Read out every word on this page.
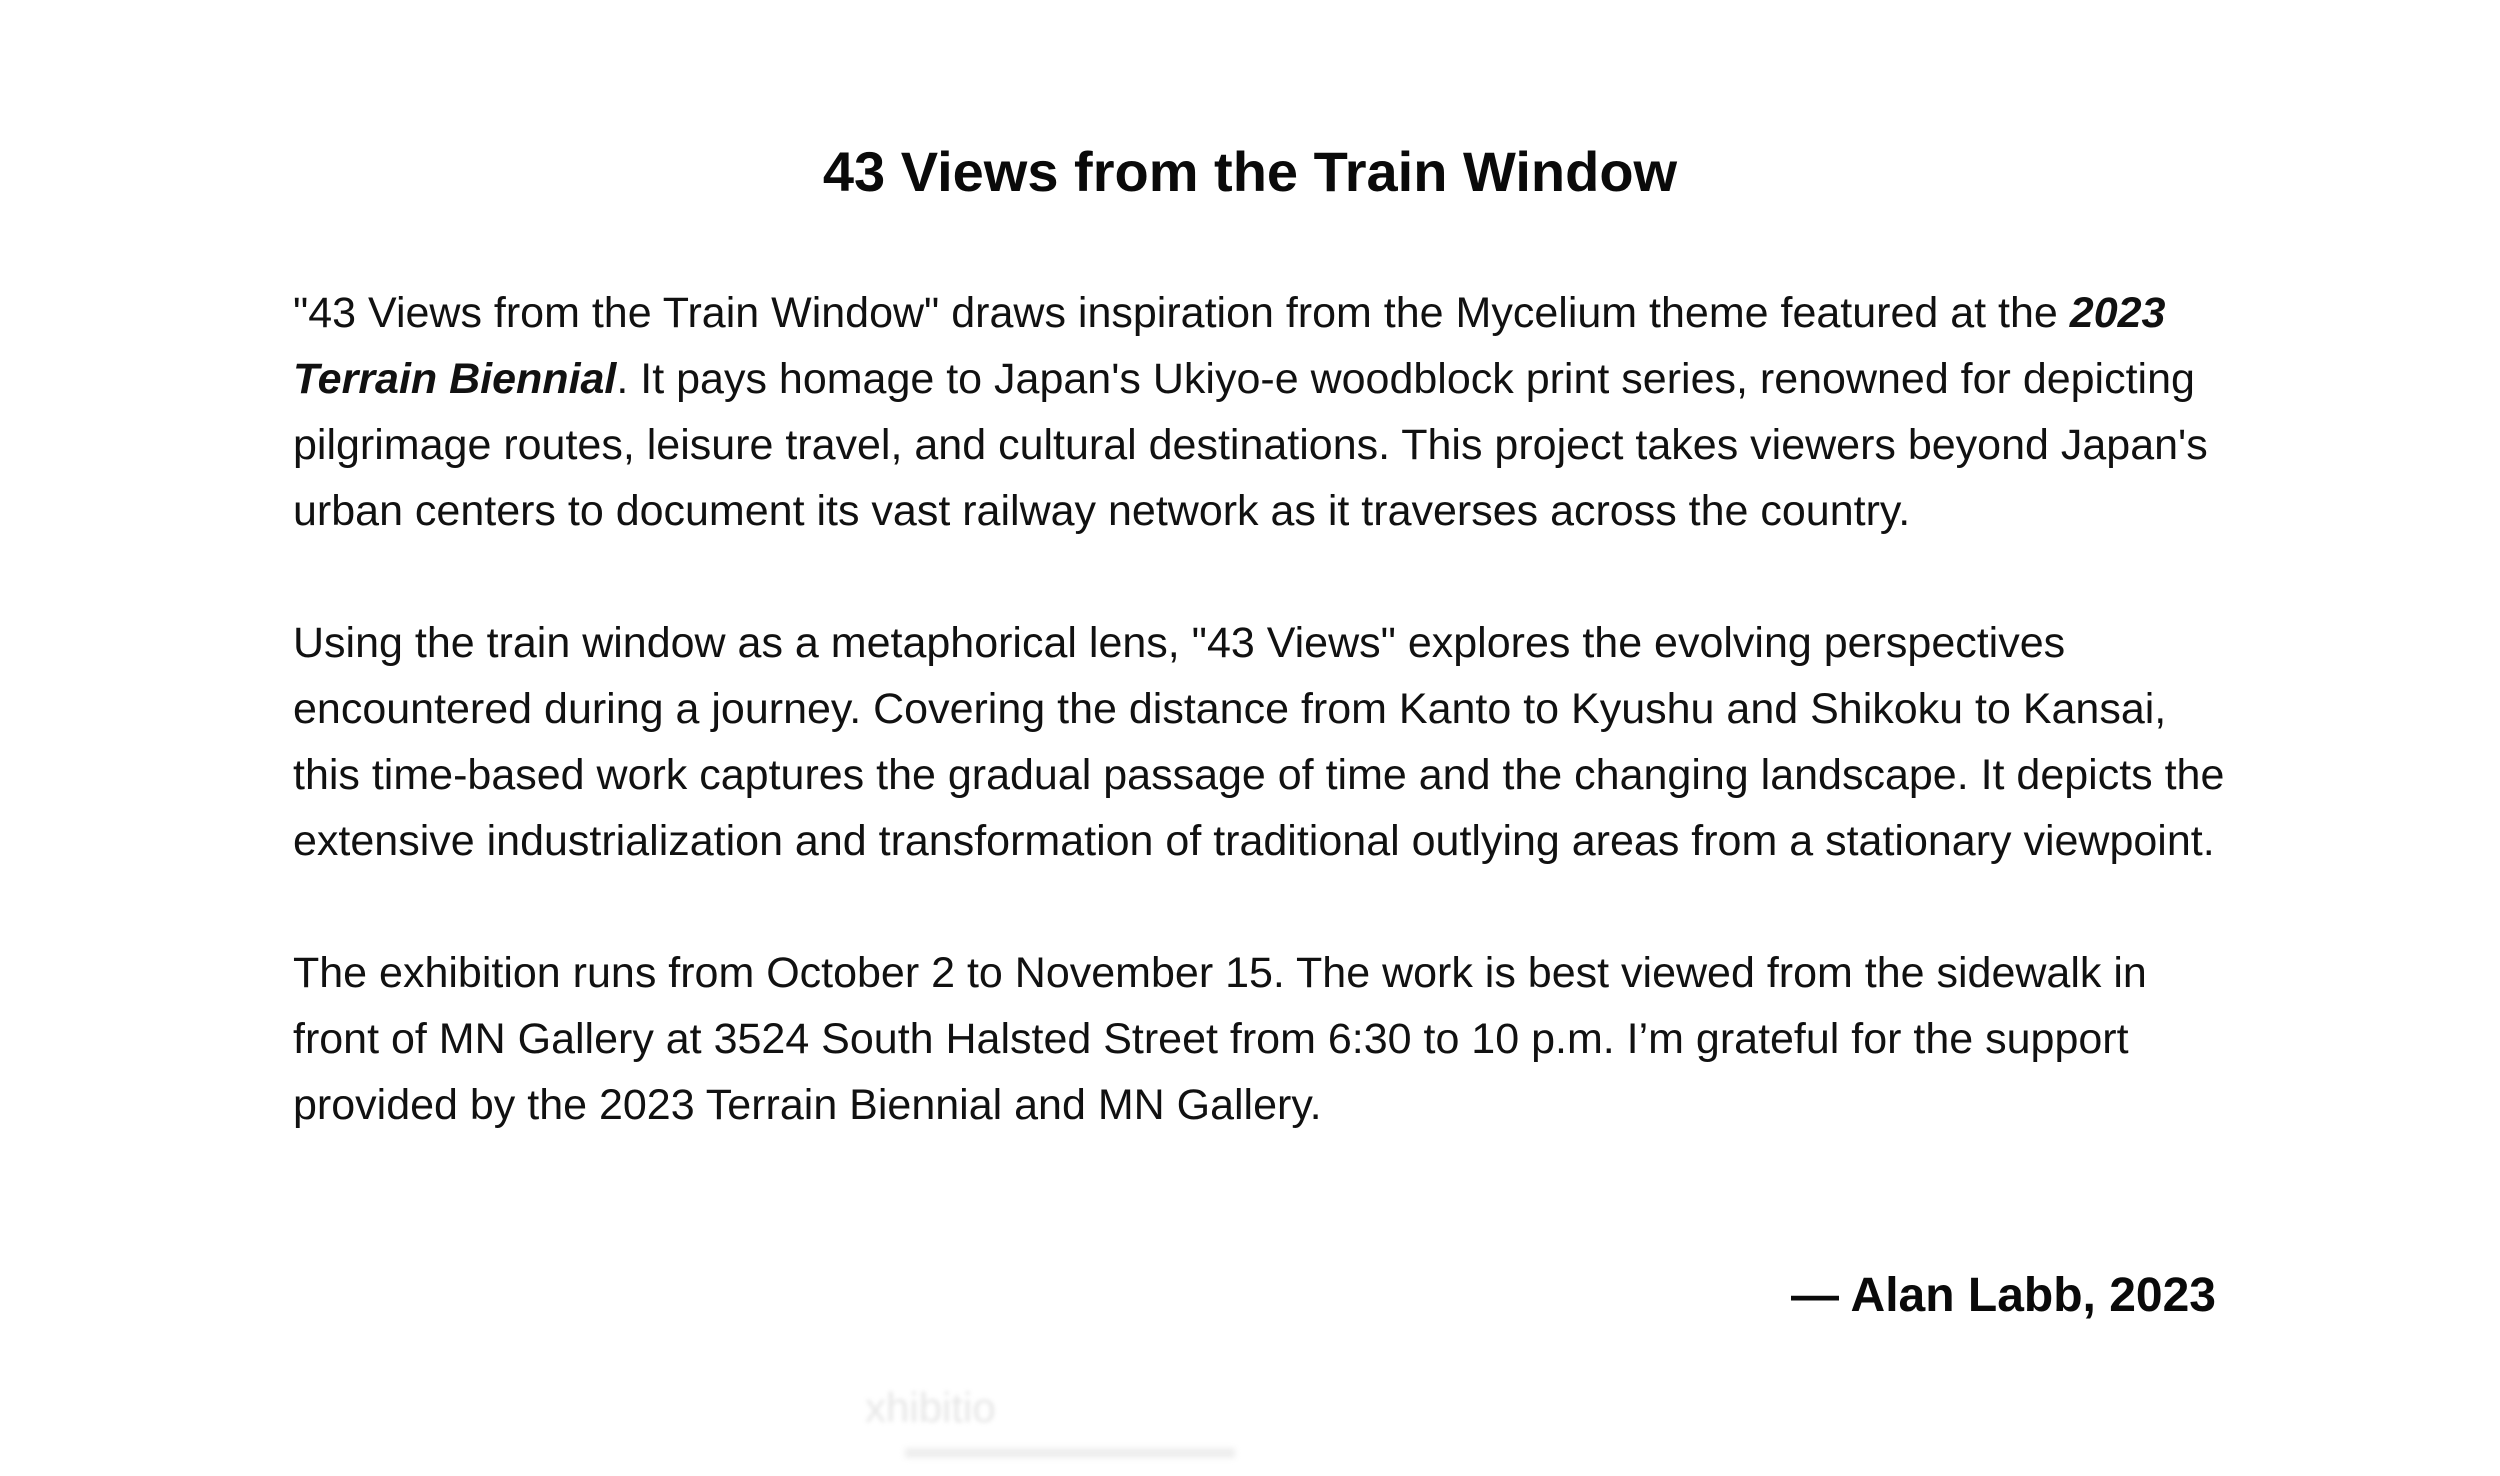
43 Views from the Train Window

"43 Views from the Train Window" draws inspiration from the Mycelium theme featured at the 2023 Terrain Biennial. It pays homage to Japan's Ukiyo-e woodblock print series, renowned for depicting pilgrimage routes, leisure travel, and cultural destinations. This project takes viewers beyond Japan's urban centers to document its vast railway network as it traverses across the country.

Using the train window as a metaphorical lens, "43 Views" explores the evolving perspectives encountered during a journey. Covering the distance from Kanto to Kyushu and Shikoku to Kansai, this time-based work captures the gradual passage of time and the changing landscape. It depicts the extensive industrialization and transformation of traditional outlying areas from a stationary viewpoint.

The exhibition runs from October 2 to November 15. The work is best viewed from the sidewalk in front of MN Gallery at 3524 South Halsted Street from 6:30 to 10 p.m. I’m grateful for the support provided by the 2023 Terrain Biennial and MN Gallery.

— Alan Labb, 2023
xhibitio
